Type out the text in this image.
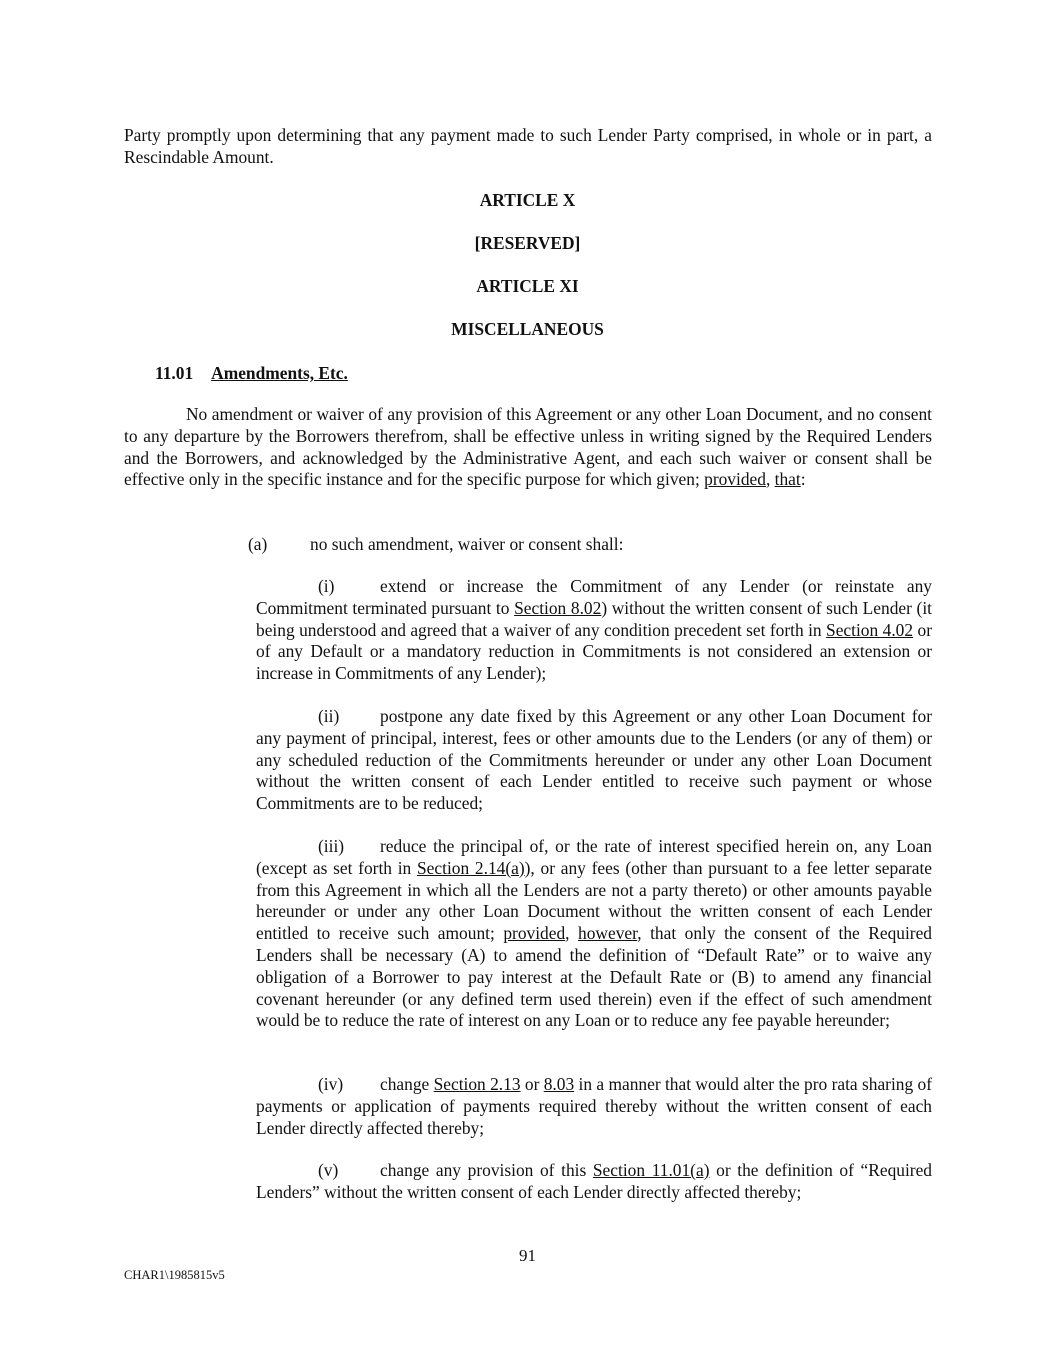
Party promptly upon determining that any payment made to such Lender Party comprised, in whole or in part, a Rescindable Amount.

ARTICLE X
[RESERVED]
ARTICLE XI
MISCELLANEOUS
11.01 Amendments, Etc.

No amendment or waiver of any provision of this Agreement or any other Loan Document, and no consent to any departure by the Borrowers therefrom, shall be effective unless in writing signed by the Required Lenders and the Borrowers, and acknowledged by the Administrative Agent, and each such waiver or consent shall be effective only in the specific instance and for the specific purpose for which given; provided, that:

(a) no such amendment, waiver or consent shall:

(i)	extend or increase the Commitment of any Lender (or reinstate any Commitment terminated pursuant to Section 8.02) without the written consent of such Lender (it being understood and agreed that a waiver of any condition precedent set forth in Section 4.02 or of any Default or a mandatory reduction in Commitments is not considered an extension or increase in Commitments of any Lender);

(ii) postpone any date fixed by this Agreement or any other Loan Document for any payment of principal, interest, fees or other amounts due to the Lenders (or any of them) or any scheduled reduction of the Commitments hereunder or under any other Loan Document without the written consent of each Lender entitled to receive such payment or whose Commitments are to be reduced;

(iii) reduce the principal of, or the rate of interest specified herein on, any Loan (except as set forth in Section 2.14(a)), or any fees (other than pursuant to a fee letter separate from this Agreement in which all the Lenders are not a party thereto) or other amounts payable hereunder or under any other Loan Document without the written consent of each Lender entitled to receive such amount; provided, however, that only the consent of the Required Lenders shall be necessary (A) to amend the definition of “Default Rate” or to waive any obligation of a Borrower to pay interest at the Default Rate or (B) to amend any financial covenant hereunder (or any defined term used therein) even if the effect of such amendment would be to reduce the rate of interest on any Loan or to reduce any fee payable hereunder;

(iv) change Section 2.13 or 8.03 in a manner that would alter the pro rata sharing of payments or application of payments required thereby without the written consent of each Lender directly affected thereby;

(v) change any provision of this Section 11.01(a) or the definition of “Required Lenders” without the written consent of each Lender directly affected thereby;

91
CHAR1\1985815v5
